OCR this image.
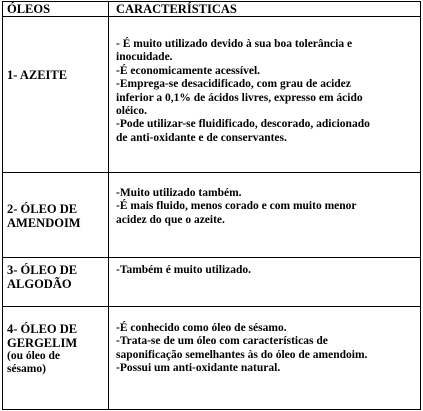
ÓLEOS	CARACTERÍSTICAS
1- AZEITE
- É muito utilizado devido à sua boa tolerância e
inocuidade.
-É economicamente acessível.
-Emprega-se desacidificado, com grau de acidez
inferior a 0,1% de ácidos livres, expresso em ácido
oléico.
-Pode utilizar-se fluidificado, descorado, adicionado
de anti-oxidante e de conservantes.
2- ÓLEO DE
AMENDOIM
-Muito utilizado também.
-É mais fluido, menos corado e com muito menor
acidez do que o azeite.
3- ÓLEO DE
ALGODÃO
-Também é muito utilizado.
4- ÓLEO DE
GERGELIM
(ou óleo de
sésamo)
-É conhecido como óleo de sésamo.
-Trata-se de um óleo com características de
saponificação semelhantes às do óleo de amendoim.
-Possui um anti-oxidante natural.
